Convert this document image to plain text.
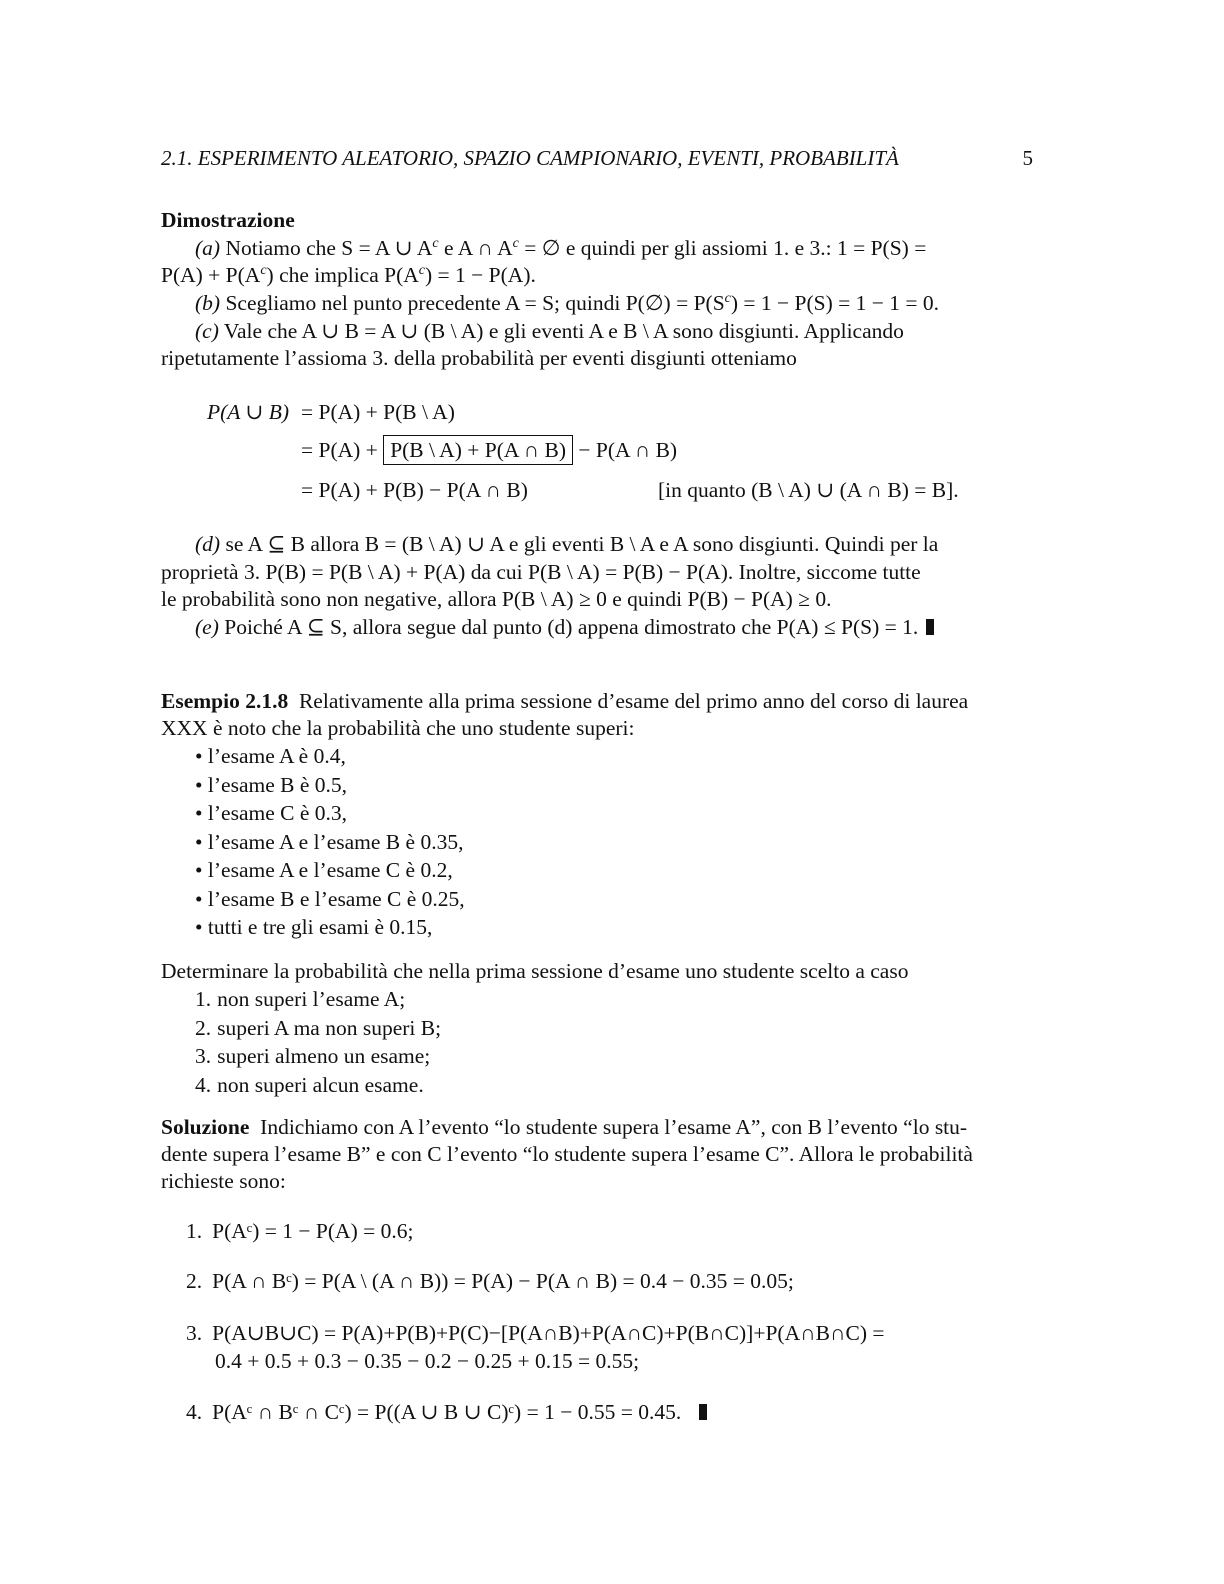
2.1. ESPERIMENTO ALEATORIO, SPAZIO CAMPIONARIO, EVENTI, PROBABILITÀ	5
Dimostrazione
(a) Notiamo che S = A ∪ $A^c$ e A ∩ $A^c$ = ∅ e quindi per gli assiomi 1. e 3.: 1 = P(S) =
$P(A) + P(A^c)$ che implica $P(A^c) = 1 - P(A)$.
(b) Scegliamo nel punto precedente A = S; quindi P(∅) = $P(S^c) = 1 - P(S) = 1 - 1 = 0$.
(c) Vale che A ∪ B = A ∪ (B \ A) e gli eventi A e B \ A sono disgiunti. Applicando
ripetutamente l’assioma 3. della probabilità per eventi disgiunti otteniamo
P(A ∪ B) = P(A) + P(B \ A)
= P(A) + P(B \ A) + P(A ∩ B) − P(A ∩ B)
= P(A) + P(B) − P(A ∩ B)	[in quanto (B \ A) ∪ (A ∩ B) = B].
(d) se A ⊆ B allora B = (B \ A) ∪ A e gli eventi B \ A e A sono disgiunti. Quindi per la
proprietà 3. P(B) = P(B \ A) + P(A) da cui P(B \ A) = P(B) − P(A). Inoltre, siccome tutte
le probabilità sono non negative, allora P(B \ A) ≥ 0 e quindi P(B) − P(A) ≥ 0.
(e) Poiché A ⊆ S, allora segue dal punto (d) appena dimostrato che P(A) ≤ P(S) = 1.
Esempio 2.1.8 Relativamente alla prima sessione d’esame del primo anno del corso di laurea
XXX è noto che la probabilità che uno studente superi:
• l’esame A è 0.4,
• l’esame B è 0.5,
• l’esame C è 0.3,
• l’esame A e l’esame B è 0.35,
• l’esame A e l’esame C è 0.2,
• l’esame B e l’esame C è 0.25,
• tutti e tre gli esami è 0.15,
Determinare la probabilità che nella prima sessione d’esame uno studente scelto a caso
1. non superi l’esame A;
2. superi A ma non superi B;
3. superi almeno un esame;
4. non superi alcun esame.
Soluzione Indichiamo con A l’evento “lo studente supera l’esame A”, con B l’evento “lo stu-
dente supera l’esame B” e con C l’evento “lo studente supera l’esame C”. Allora le probabilità
richieste sono:
1. P(Aᶜ) = 1 − P(A) = 0.6;
2. P(A ∩ Bᶜ) = P(A \ (A ∩ B)) = P(A) − P(A ∩ B) = 0.4 − 0.35 = 0.05;
3. P(A∪B∪C) = P(A)+P(B)+P(C)−[P(A∩B)+P(A∩C)+P(B∩C)]+P(A∩B∩C) =
0.4 + 0.5 + 0.3 − 0.35 − 0.2 − 0.25 + 0.15 = 0.55;
4. P(Aᶜ ∩ Bᶜ ∩ Cᶜ) = P((A ∪ B ∪ C)ᶜ) = 1 − 0.55 = 0.45.
